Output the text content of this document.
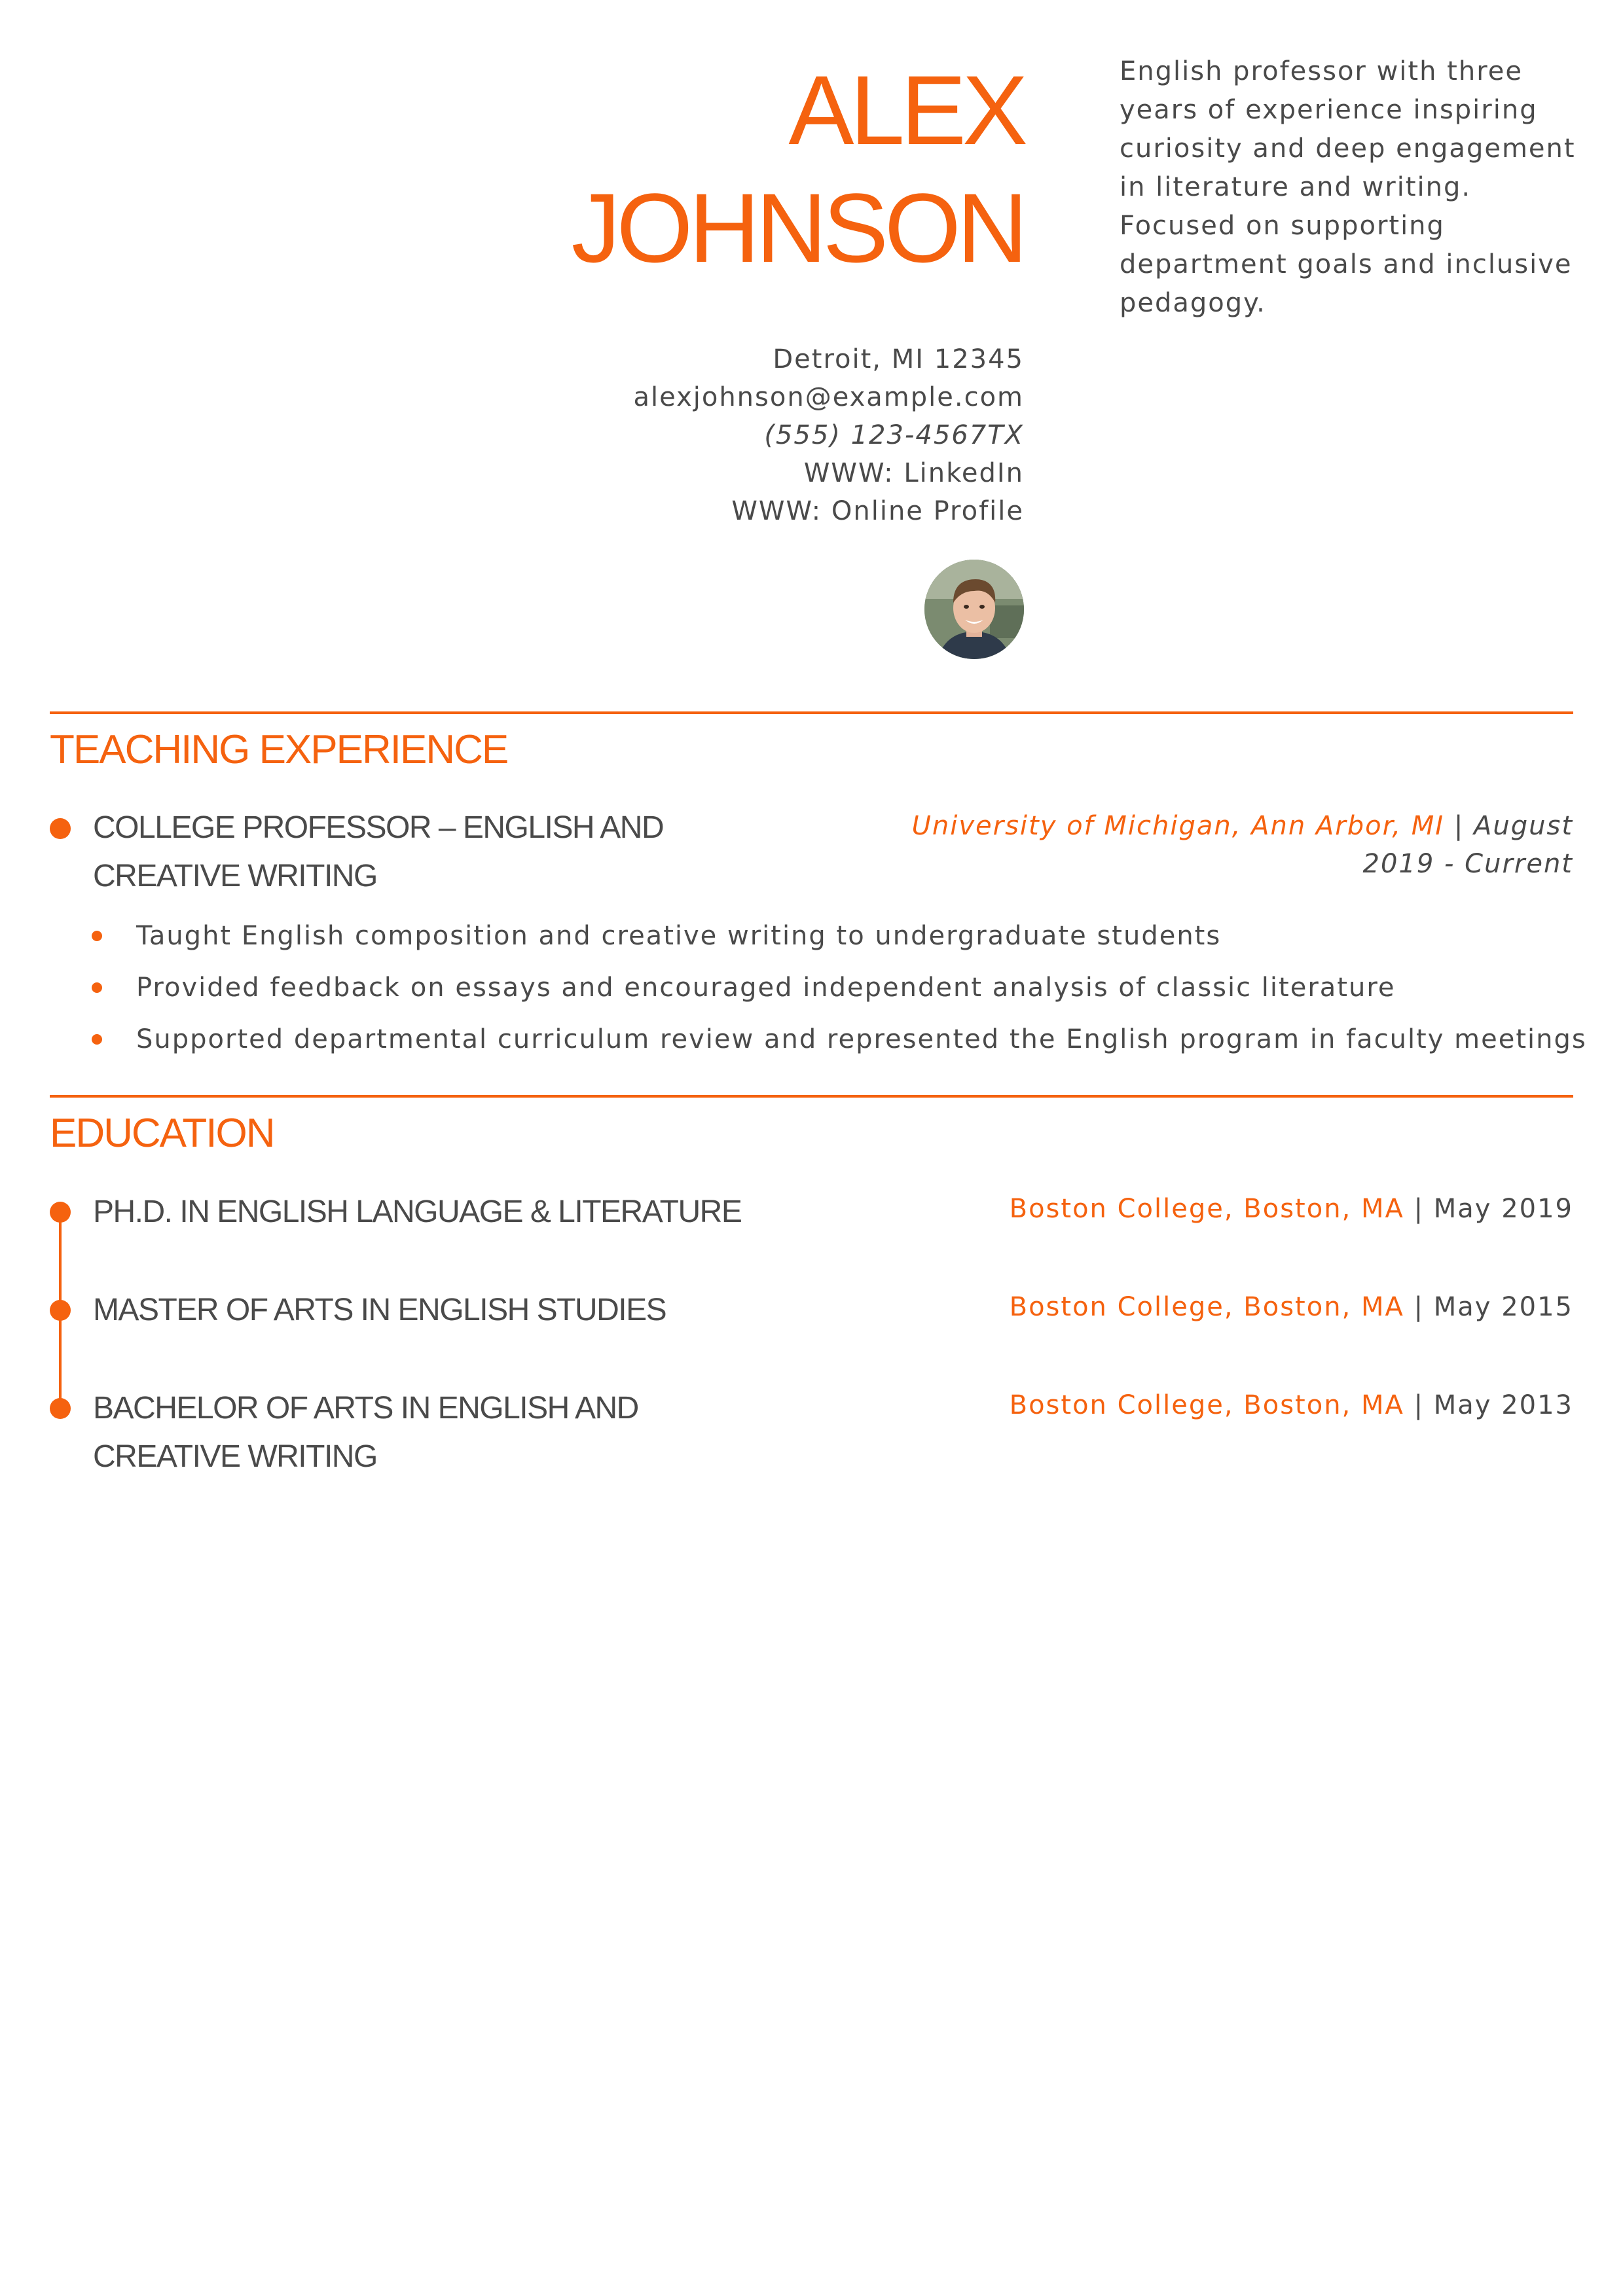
ALEX
JOHNSON
English professor with three years of experience inspiring curiosity and deep engagement in literature and writing. Focused on supporting department goals and inclusive pedagogy.
Detroit, MI 12345
alexjohnson@example.com
(555) 123-4567TX
WWW: LinkedIn
WWW: Online Profile
TEACHING EXPERIENCE
COLLEGE PROFESSOR – ENGLISH AND
CREATIVE WRITING
University of Michigan, Ann Arbor, MI | August
2019 - Current
Taught English composition and creative writing to undergraduate students
Provided feedback on essays and encouraged independent analysis of classic literature
Supported departmental curriculum review and represented the English program in faculty meetings
EDUCATION
PH.D. IN ENGLISH LANGUAGE & LITERATURE	Boston College, Boston, MA | May 2019
MASTER OF ARTS IN ENGLISH STUDIES	Boston College, Boston, MA | May 2015
BACHELOR OF ARTS IN ENGLISH AND
CREATIVE WRITING
Boston College, Boston, MA | May 2013
